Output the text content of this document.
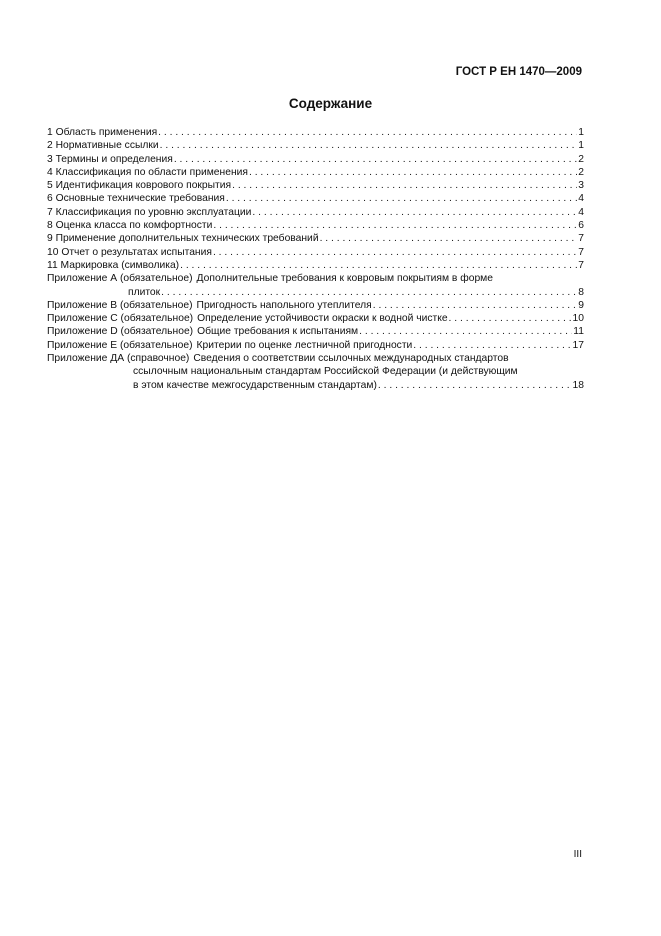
ГОСТ Р ЕН 1470—2009
Содержание
1 Область применения . . .	1
2 Нормативные ссылки . . .	1
3 Термины и определения . . .	2
4 Классификация по области применения . . .	2
5 Идентификация коврового покрытия . . .	3
6 Основные технические требования . . .	4
7 Классификация по уровню эксплуатации . . .	4
8 Оценка класса по комфортности . . .	6
9 Применение дополнительных технических требований . . .	7
10 Отчет о результатах испытания . . .	7
11 Маркировка (символика) . . .	7
Приложение А (обязательное) Дополнительные требования к ковровым покрытиям в форме
плиток . . .	8
Приложение В (обязательное) Пригодность напольного утеплителя . . .	9
Приложение С (обязательное) Определение устойчивости окраски к водной чистке . . .	10
Приложение D (обязательное) Общие требования к испытаниям . . .	11
Приложение Е (обязательное) Критерии по оценке лестничной пригодности . . .	17
Приложение ДА (справочное) Сведения о соответствии ссылочных международных стандартов
ссылочным национальным стандартам Российской Федерации (и действующим
в этом качестве межгосударственным стандартам) . . .	18
III
